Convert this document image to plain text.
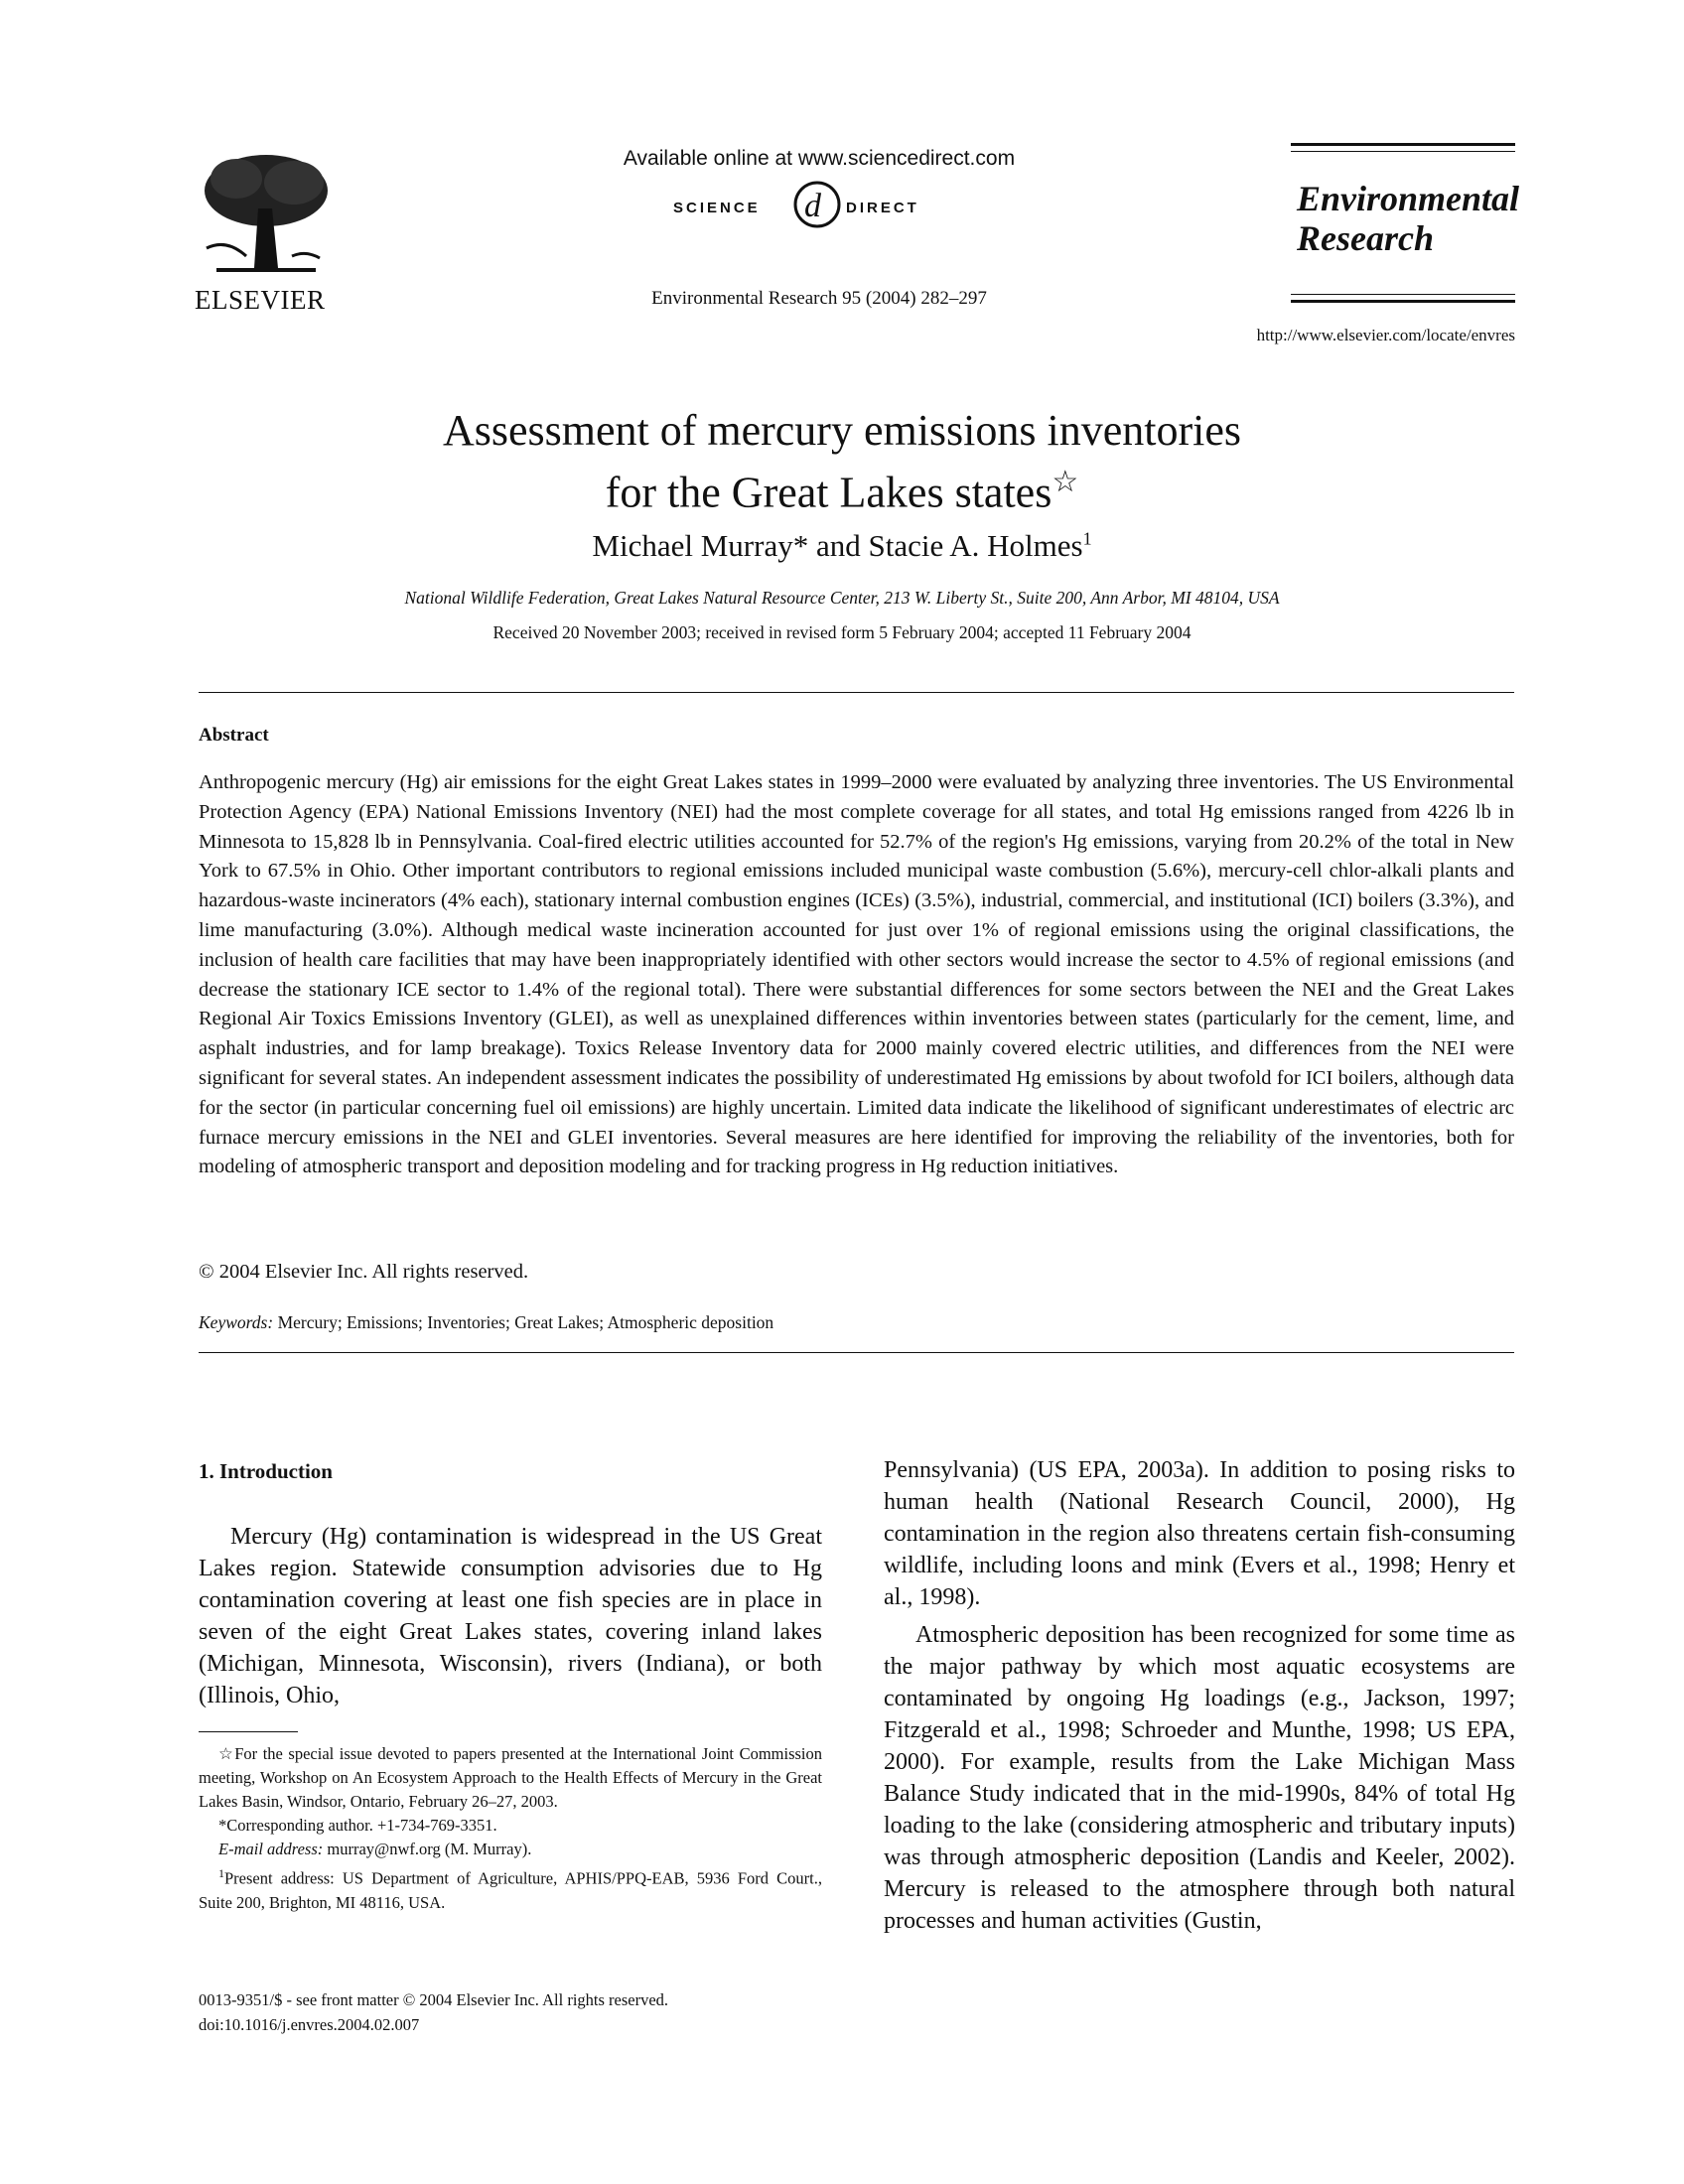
ELSEVIER
Available online at www.sciencedirect.com
SCIENCE d DIRECT
Environmental Research 95 (2004) 282–297
Environmental
Research
http://www.elsevier.com/locate/envres
Assessment of mercury emissions inventories
for the Great Lakes states☆
Michael Murray* and Stacie A. Holmes$^1$
National Wildlife Federation, Great Lakes Natural Resource Center, 213 W. Liberty St., Suite 200, Ann Arbor, MI 48104, USA
Received 20 November 2003; received in revised form 5 February 2004; accepted 11 February 2004
Abstract
Anthropogenic mercury (Hg) air emissions for the eight Great Lakes states in 1999–2000 were evaluated by analyzing three inventories. The US Environmental Protection Agency (EPA) National Emissions Inventory (NEI) had the most complete coverage for all states, and total Hg emissions ranged from 4226 lb in Minnesota to 15,828 lb in Pennsylvania. Coal-fired electric utilities accounted for 52.7% of the region's Hg emissions, varying from 20.2% of the total in New York to 67.5% in Ohio. Other important contributors to regional emissions included municipal waste combustion (5.6%), mercury-cell chlor-alkali plants and hazardous-waste incinerators (4% each), stationary internal combustion engines (ICEs) (3.5%), industrial, commercial, and institutional (ICI) boilers (3.3%), and lime manufacturing (3.0%). Although medical waste incineration accounted for just over 1% of regional emissions using the original classifications, the inclusion of health care facilities that may have been inappropriately identified with other sectors would increase the sector to 4.5% of regional emissions (and decrease the stationary ICE sector to 1.4% of the regional total). There were substantial differences for some sectors between the NEI and the Great Lakes Regional Air Toxics Emissions Inventory (GLEI), as well as unexplained differences within inventories between states (particularly for the cement, lime, and asphalt industries, and for lamp breakage). Toxics Release Inventory data for 2000 mainly covered electric utilities, and differences from the NEI were significant for several states. An independent assessment indicates the possibility of underestimated Hg emissions by about twofold for ICI boilers, although data for the sector (in particular concerning fuel oil emissions) are highly uncertain. Limited data indicate the likelihood of significant underestimates of electric arc furnace mercury emissions in the NEI and GLEI inventories. Several measures are here identified for improving the reliability of the inventories, both for modeling of atmospheric transport and deposition modeling and for tracking progress in Hg reduction initiatives.
© 2004 Elsevier Inc. All rights reserved.
Keywords: Mercury; Emissions; Inventories; Great Lakes; Atmospheric deposition
1. Introduction
Mercury (Hg) contamination is widespread in the US Great Lakes region. Statewide consumption advisories due to Hg contamination covering at least one fish species are in place in seven of the eight Great Lakes states, covering inland lakes (Michigan, Minnesota, Wisconsin), rivers (Indiana), or both (Illinois, Ohio,
Pennsylvania) (US EPA, 2003a). In addition to posing risks to human health (National Research Council, 2000), Hg contamination in the region also threatens certain fish-consuming wildlife, including loons and mink (Evers et al., 1998; Henry et al., 1998).
Atmospheric deposition has been recognized for some time as the major pathway by which most aquatic ecosystems are contaminated by ongoing Hg loadings (e.g., Jackson, 1997; Fitzgerald et al., 1998; Schroeder and Munthe, 1998; US EPA, 2000). For example, results from the Lake Michigan Mass Balance Study indicated that in the mid-1990s, 84% of total Hg loading to the lake (considering atmospheric and tributary inputs) was through atmospheric deposition (Landis and Keeler, 2002). Mercury is released to the atmosphere through both natural processes and human activities (Gustin,

☆For the special issue devoted to papers presented at the International Joint Commission meeting, Workshop on An Ecosystem Approach to the Health Effects of Mercury in the Great Lakes Basin, Windsor, Ontario, February 26–27, 2003.

*Corresponding author. +1-734-769-3351.

E-mail address: murray@nwf.org (M. Murray).

$^1$Present address: US Department of Agriculture, APHIS/PPQ-EAB, 5936 Ford Court., Suite 200, Brighton, MI 48116, USA.

0013-9351/$ - see front matter © 2004 Elsevier Inc. All rights reserved.
doi:10.1016/j.envres.2004.02.007
